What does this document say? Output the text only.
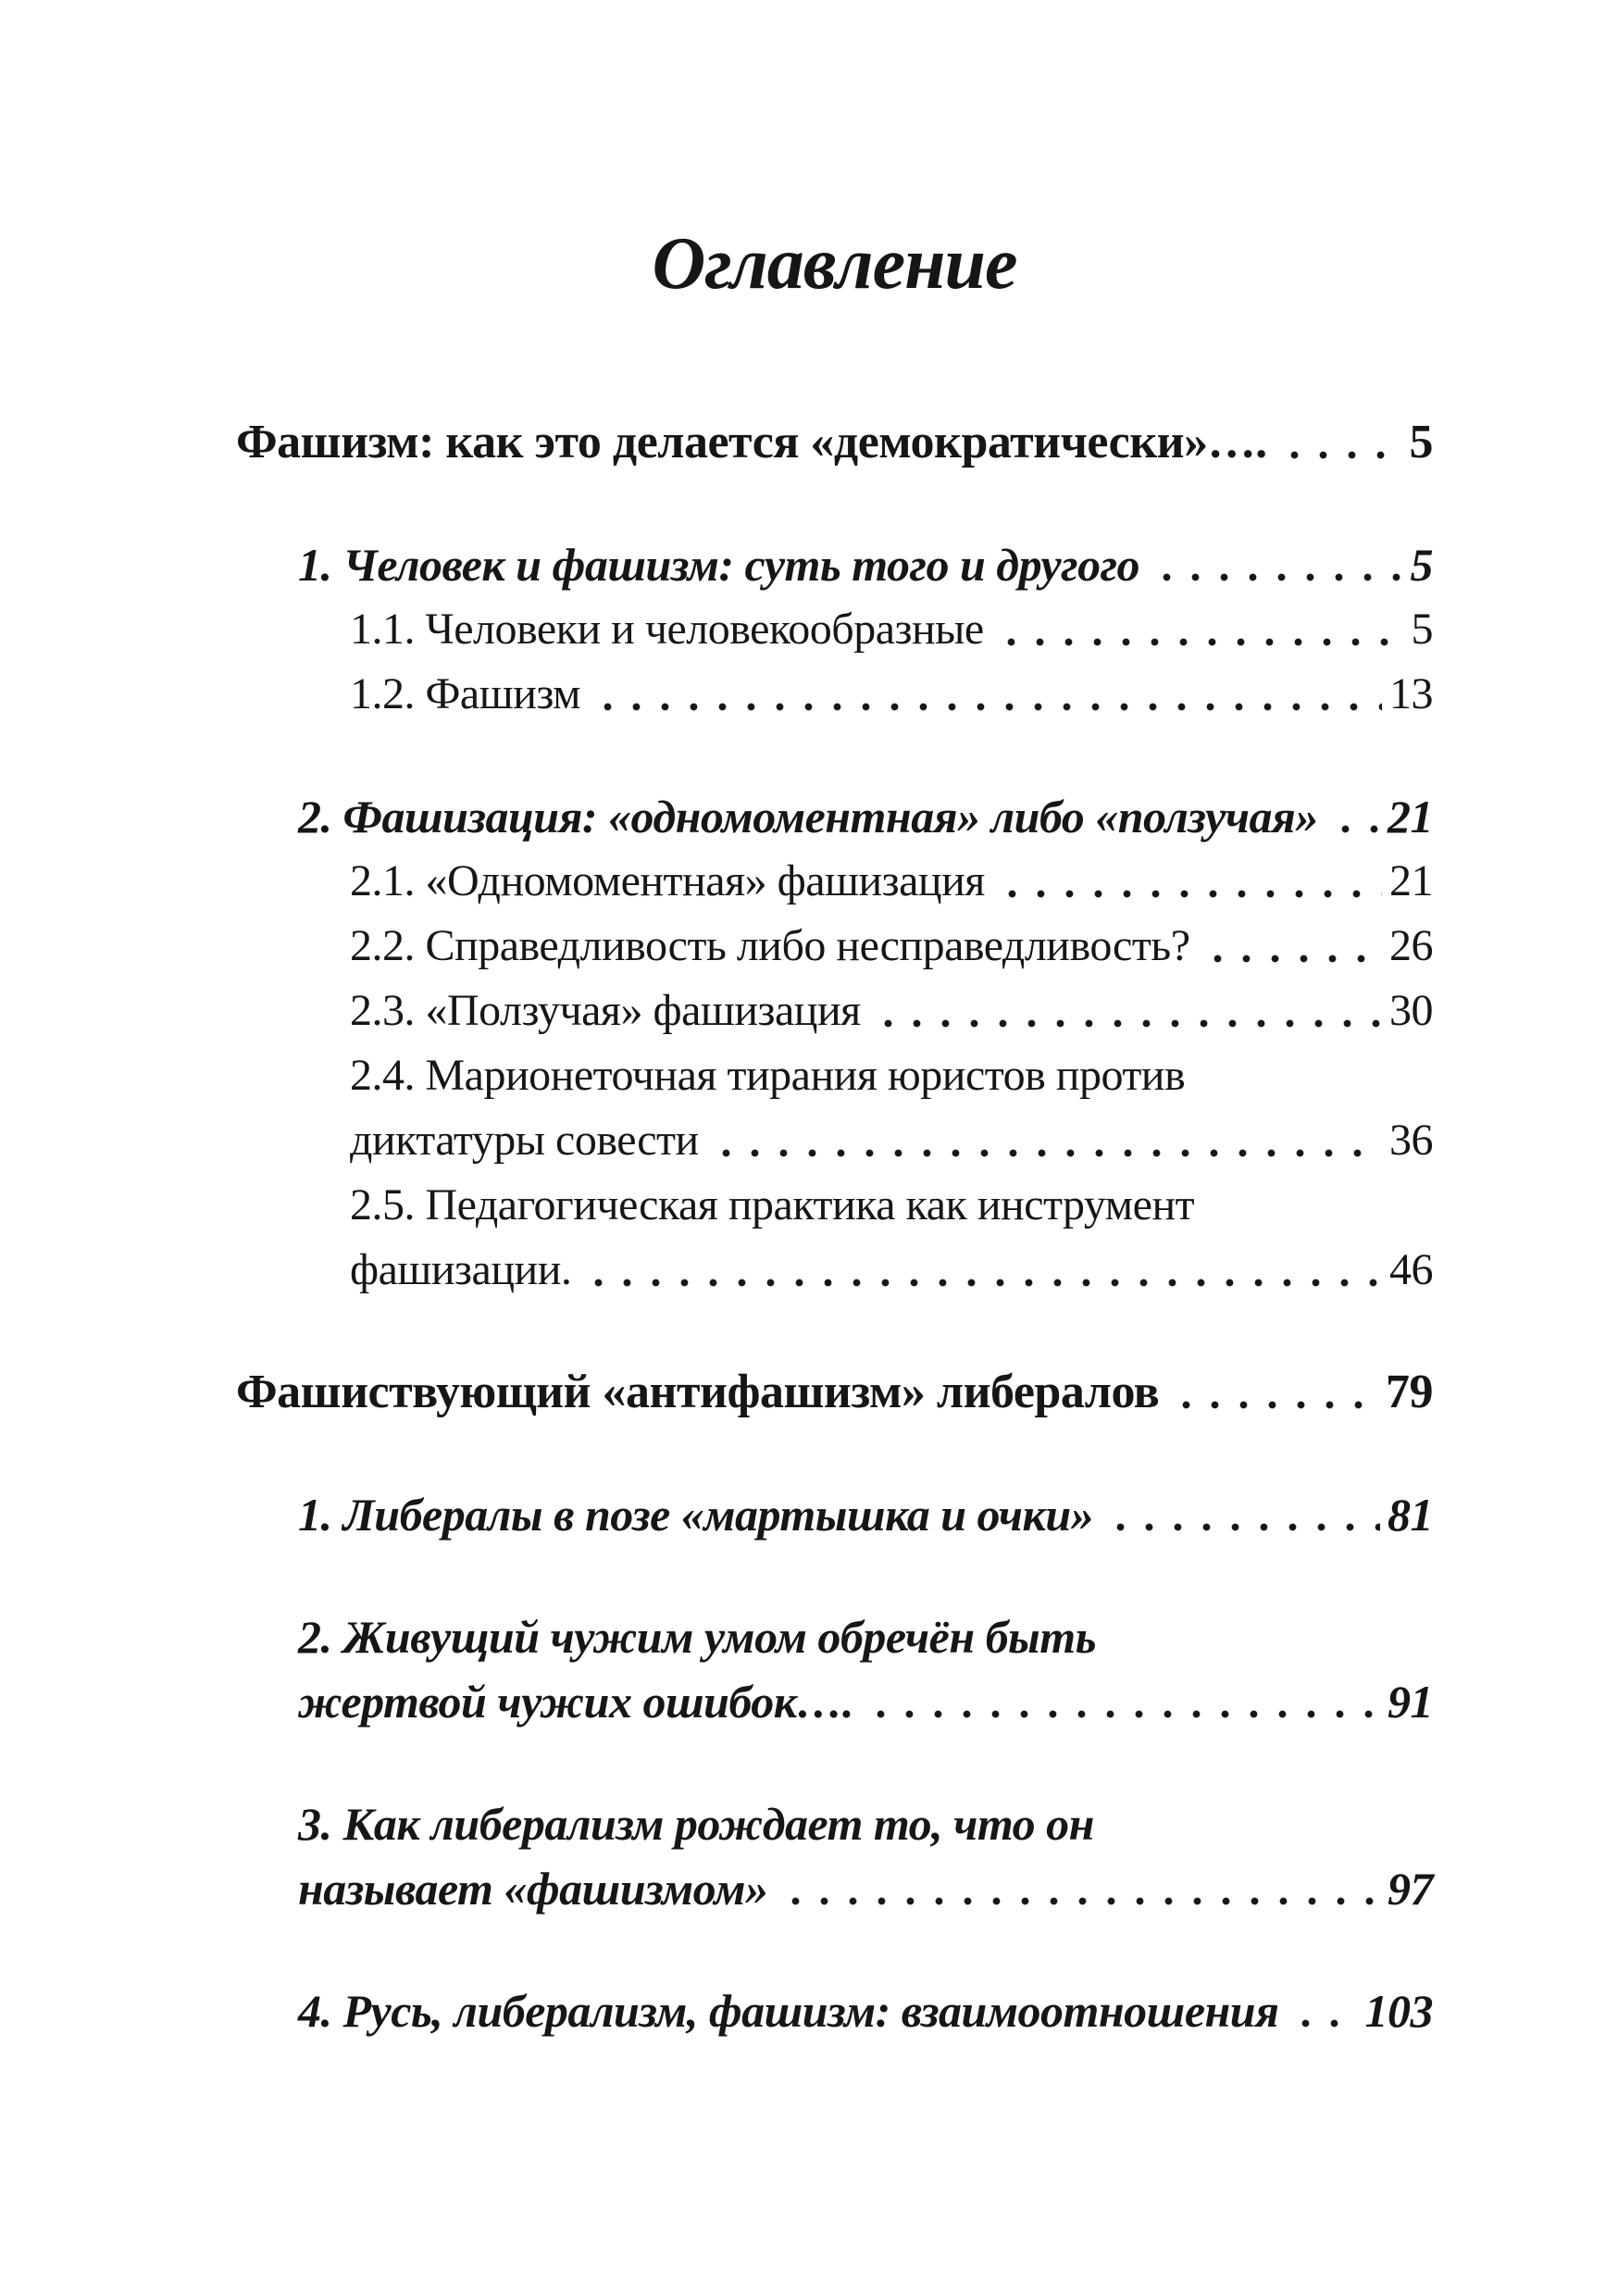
Оглавление
Фашизм: как это делается «демократически»….	5
1. Человек и фашизм: суть того и другого	5
1.1. Человеки и человекообразные	5
1.2. Фашизм	13
2. Фашизация: «одномоментная» либо «ползучая» 21
2.1. «Одномоментная» фашизация	21
2.2. Справедливость либо несправедливость?	26
2.3. «Ползучая» фашизация	30
2.4. Марионеточная тирания юристов против
диктатуры совести	36
2.5. Педагогическая практика как инструмент
фашизации.	46
Фашиствующий «антифашизм» либералов	79
1. Либералы в позе «мартышка и очки»	81
2. Живущий чужим умом обречён быть
жертвой чужих ошибок….	91
3. Как либерализм рождает то, что он
называет «фашизмом»	97
4. Русь, либерализм, фашизм: взаимоотношения 103
